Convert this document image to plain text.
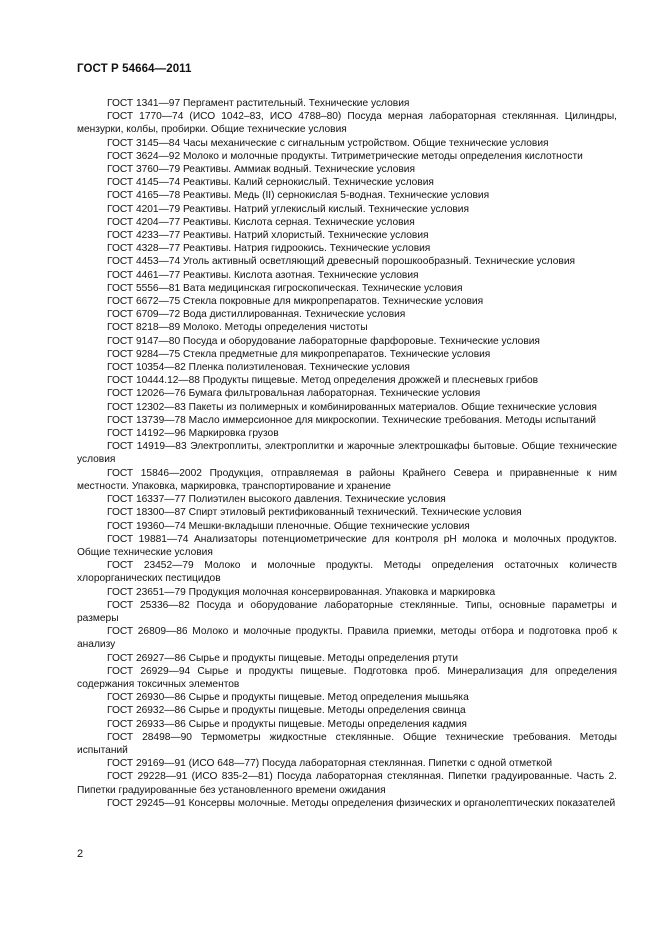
ГОСТ Р 54664—2011

ГОСТ 1341—97 Пергамент растительный. Технические условия

ГОСТ 1770—74 (ИСО 1042–83, ИСО 4788–80) Посуда мерная лабораторная стеклянная. Цилиндры, мензурки, колбы, пробирки. Общие технические условия

ГОСТ 3145—84 Часы механические с сигнальным устройством. Общие технические условия

ГОСТ 3624—92 Молоко и молочные продукты. Титриметрические методы определения кислотности

ГОСТ 3760—79 Реактивы. Аммиак водный. Технические условия

ГОСТ 4145—74 Реактивы. Калий сернокислый. Технические условия

ГОСТ 4165—78 Реактивы. Медь (II) сернокислая 5-водная. Технические условия

ГОСТ 4201—79 Реактивы. Натрий углекислый кислый. Технические условия

ГОСТ 4204—77 Реактивы. Кислота серная. Технические условия

ГОСТ 4233—77 Реактивы. Натрий хлористый. Технические условия

ГОСТ 4328—77 Реактивы. Натрия гидроокись. Технические условия

ГОСТ 4453—74 Уголь активный осветляющий древесный порошкообразный. Технические условия

ГОСТ 4461—77 Реактивы. Кислота азотная. Технические условия

ГОСТ 5556—81 Вата медицинская гигроскопическая. Технические условия

ГОСТ 6672—75 Стекла покровные для микропрепаратов. Технические условия

ГОСТ 6709—72 Вода дистиллированная. Технические условия

ГОСТ 8218—89 Молоко. Методы определения чистоты

ГОСТ 9147—80 Посуда и оборудование лабораторные фарфоровые. Технические условия

ГОСТ 9284—75 Стекла предметные для микропрепаратов. Технические условия

ГОСТ 10354—82 Пленка полиэтиленовая. Технические условия

ГОСТ 10444.12—88 Продукты пищевые. Метод определения дрожжей и плесневых грибов

ГОСТ 12026—76 Бумага фильтровальная лабораторная. Технические условия

ГОСТ 12302—83 Пакеты из полимерных и комбинированных материалов. Общие технические условия

ГОСТ 13739—78 Масло иммерсионное для микроскопии. Технические требования. Методы испытаний

ГОСТ 14192—96 Маркировка грузов

ГОСТ 14919—83 Электроплиты, электроплитки и жарочные электрошкафы бытовые. Общие технические условия

ГОСТ 15846—2002 Продукция, отправляемая в районы Крайнего Севера и приравненные к ним местности. Упаковка, маркировка, транспортирование и хранение

ГОСТ 16337—77 Полиэтилен высокого давления. Технические условия

ГОСТ 18300—87 Спирт этиловый ректификованный технический. Технические условия

ГОСТ 19360—74 Мешки-вкладыши пленочные. Общие технические условия

ГОСТ 19881—74 Анализаторы потенциометрические для контроля pH молока и молочных продуктов. Общие технические условия

ГОСТ 23452—79 Молоко и молочные продукты. Методы определения остаточных количеств хлорорганических пестицидов

ГОСТ 23651—79 Продукция молочная консервированная. Упаковка и маркировка

ГОСТ 25336—82 Посуда и оборудование лабораторные стеклянные. Типы, основные параметры и размеры

ГОСТ 26809—86 Молоко и молочные продукты. Правила приемки, методы отбора и подготовка проб к анализу

ГОСТ 26927—86 Сырье и продукты пищевые. Методы определения ртути

ГОСТ 26929—94 Сырье и продукты пищевые. Подготовка проб. Минерализация для определения содержания токсичных элементов

ГОСТ 26930—86 Сырье и продукты пищевые. Метод определения мышьяка

ГОСТ 26932—86 Сырье и продукты пищевые. Методы определения свинца

ГОСТ 26933—86 Сырье и продукты пищевые. Методы определения кадмия

ГОСТ 28498—90 Термометры жидкостные стеклянные. Общие технические требования. Методы испытаний

ГОСТ 29169—91 (ИСО 648—77) Посуда лабораторная стеклянная. Пипетки с одной отметкой

ГОСТ 29228—91 (ИСО 835-2—81) Посуда лабораторная стеклянная. Пипетки градуированные. Часть 2. Пипетки градуированные без установленного времени ожидания

ГОСТ 29245—91 Консервы молочные. Методы определения физических и органолептических показателей

2
